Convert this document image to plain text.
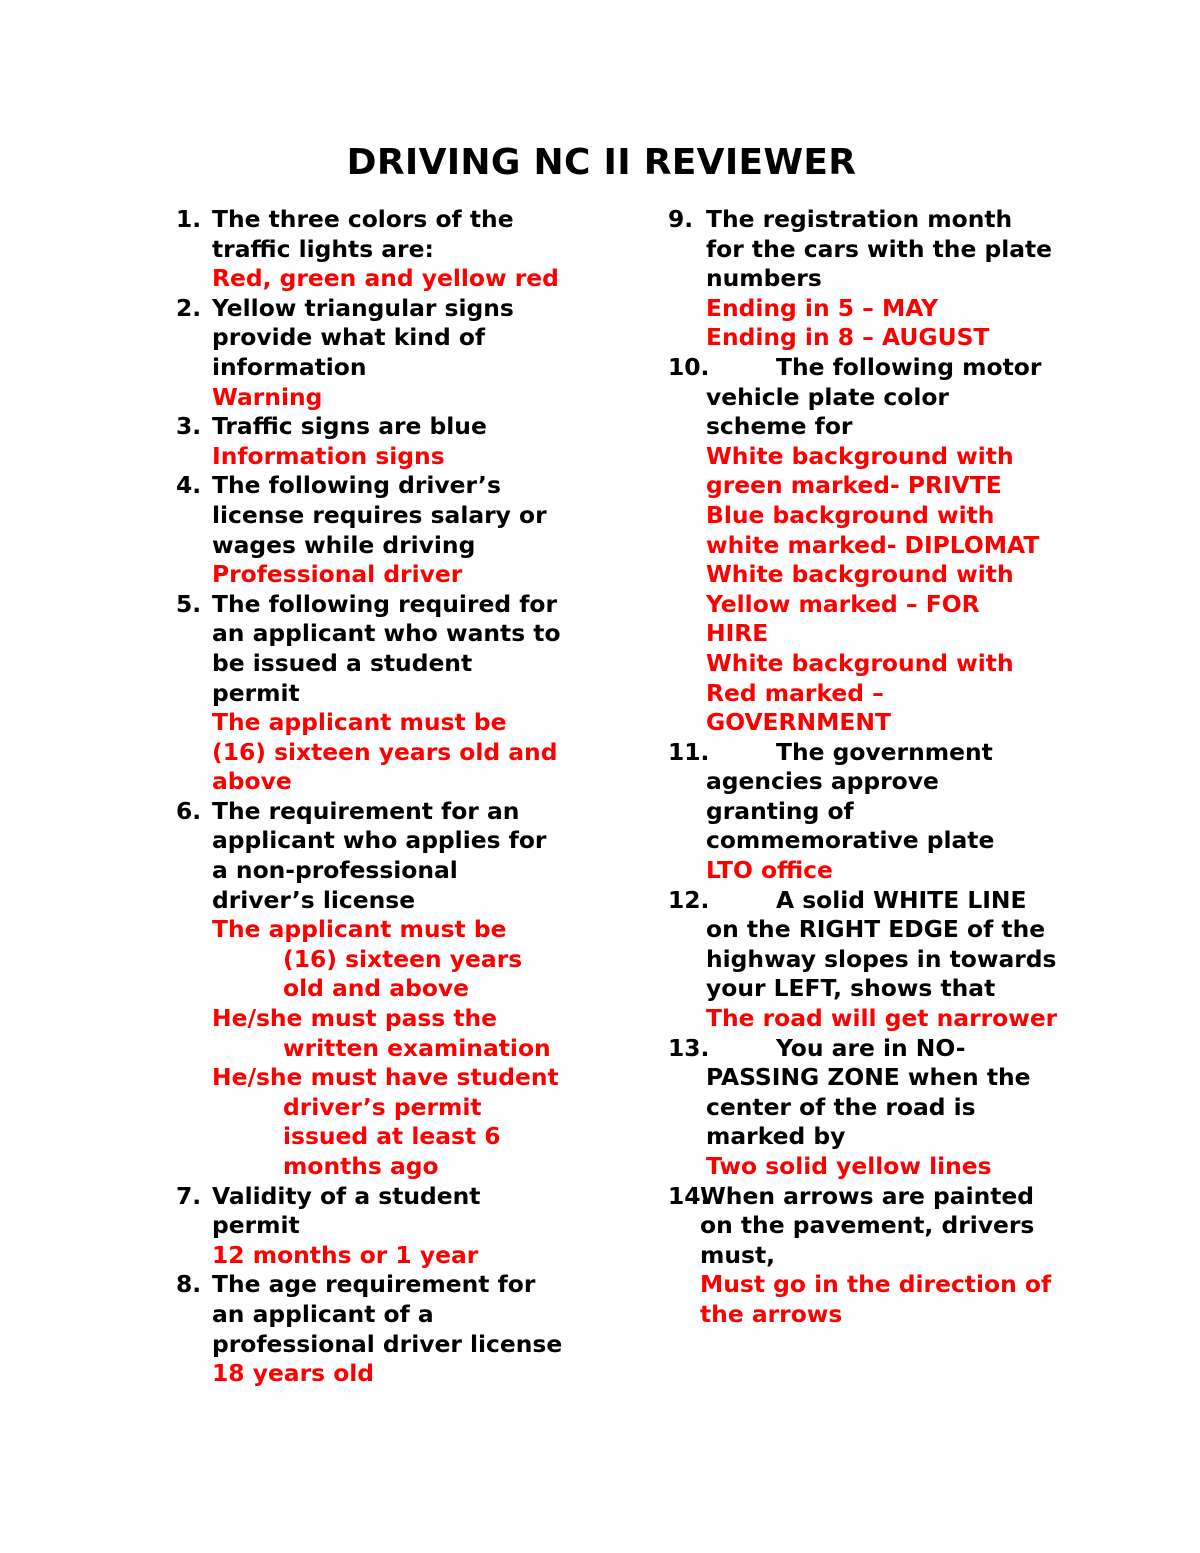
DRIVING NC II REVIEWER
1. The three colors of the
traffic lights are:
Red, green and yellow red
2. Yellow triangular signs
provide what kind of
information
Warning
3. Traffic signs are blue
Information signs
4. The following driver’s
license requires salary or
wages while driving
Professional driver
5. The following required for
an applicant who wants to
be issued a student
permit
The applicant must be
(16) sixteen years old and
above
6. The requirement for an
applicant who applies for
a non-professional
driver’s license
The applicant must be
(16) sixteen years
old and above
He/she must pass the
written examination
He/she must have student
driver’s permit
issued at least 6
months ago
7. Validity of a student
permit
12 months or 1 year
8. The age requirement for
an applicant of a
professional driver license
18 years old
9. The registration month
for the cars with the plate
numbers
Ending in 5 – MAY
Ending in 8 – AUGUST
10.	The following motor
vehicle plate color
scheme for
White background with
green marked- PRIVTE
Blue background with
white marked- DIPLOMAT
White background with
Yellow marked – FOR
HIRE
White background with
Red marked –
GOVERNMENT
11.	The government
agencies approve
granting of
commemorative plate
LTO office
12.	A solid WHITE LINE
on the RIGHT EDGE of the
highway slopes in towards
your LEFT, shows that
The road will get narrower
13.	You are in NO-
PASSING ZONE when the
center of the road is
marked by
Two solid yellow lines
14.
When arrows are painted
on the pavement, drivers
must,
Must go in the direction of
the arrows
